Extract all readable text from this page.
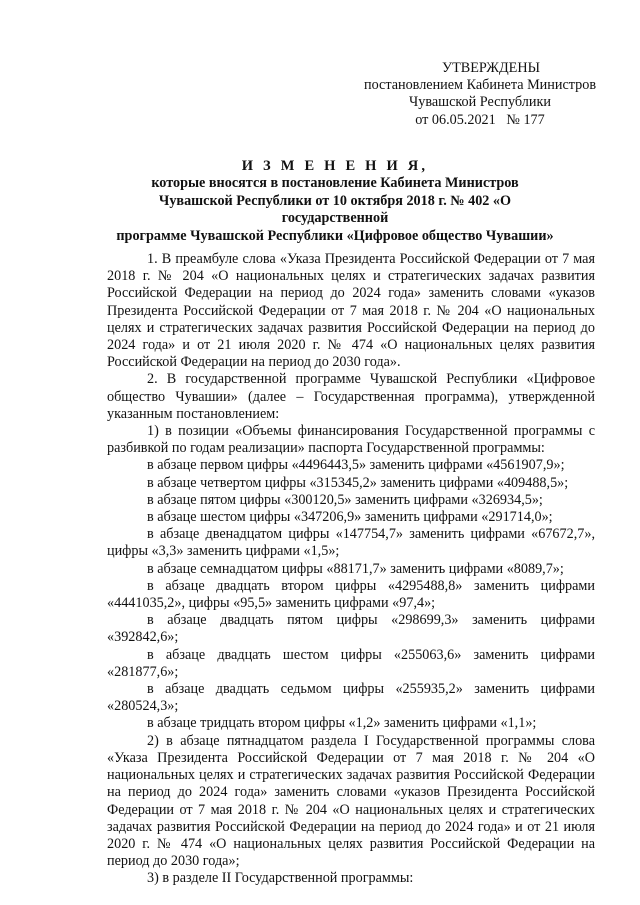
УТВЕРЖДЕНЫ
постановлением Кабинета Министров
Чувашской Республики
от 06.05.2021   № 177
И З М Е Н Е Н И Я,
которые вносятся в постановление Кабинета Министров
Чувашской Республики от 10 октября 2018 г. № 402 «О государственной
программе Чувашской Республики «Цифровое общество Чувашии»

1. В преамбуле слова «Указа Президента Российской Федерации от 7 мая 2018 г. № 204 «О национальных целях и стратегических задачах развития Российской Федерации на период до 2024 года» заменить словами «указов Президента Российской Федерации от 7 мая 2018 г. № 204 «О национальных целях и стратегических задачах развития Российской Федерации на период до 2024 года» и от 21 июля 2020 г. № 474 «О национальных целях развития Российской Федерации на период до 2030 года».

2. В государственной программе Чувашской Республики «Цифровое общество Чувашии» (далее – Государственная программа), утвержденной указанным постановлением:

1) в позиции «Объемы финансирования Государственной программы с разбивкой по годам реализации» паспорта Государственной программы:

в абзаце первом цифры «4496443,5» заменить цифрами «4561907,9»;

в абзаце четвертом цифры «315345,2» заменить цифрами «409488,5»;

в абзаце пятом цифры «300120,5» заменить цифрами «326934,5»;

в абзаце шестом цифры «347206,9» заменить цифрами «291714,0»;

в абзаце двенадцатом цифры «147754,7» заменить цифрами «67672,7», цифры «3,3» заменить цифрами «1,5»;

в абзаце семнадцатом цифры «88171,7» заменить цифрами «8089,7»;

в абзаце двадцать втором цифры «4295488,8» заменить цифрами «4441035,2», цифры «95,5» заменить цифрами «97,4»;

в абзаце двадцать пятом цифры «298699,3» заменить цифрами «392842,6»;

в абзаце двадцать шестом цифры «255063,6» заменить цифрами «281877,6»;

в абзаце двадцать седьмом цифры «255935,2» заменить цифрами «280524,3»;

в абзаце тридцать втором цифры «1,2» заменить цифрами «1,1»;

2) в абзаце пятнадцатом раздела I Государственной программы слова «Указа Президента Российской Федерации от 7 мая 2018 г. № 204 «О национальных целях и стратегических задачах развития Российской Федерации на период до 2024 года» заменить словами «указов Президента Российской Федерации от 7 мая 2018 г. № 204 «О национальных целях и стратегических задачах развития Российской Федерации на период до 2024 года» и от 21 июля 2020 г. № 474 «О национальных целях развития Российской Федерации на период до 2030 года»;

3) в разделе II Государственной программы:
